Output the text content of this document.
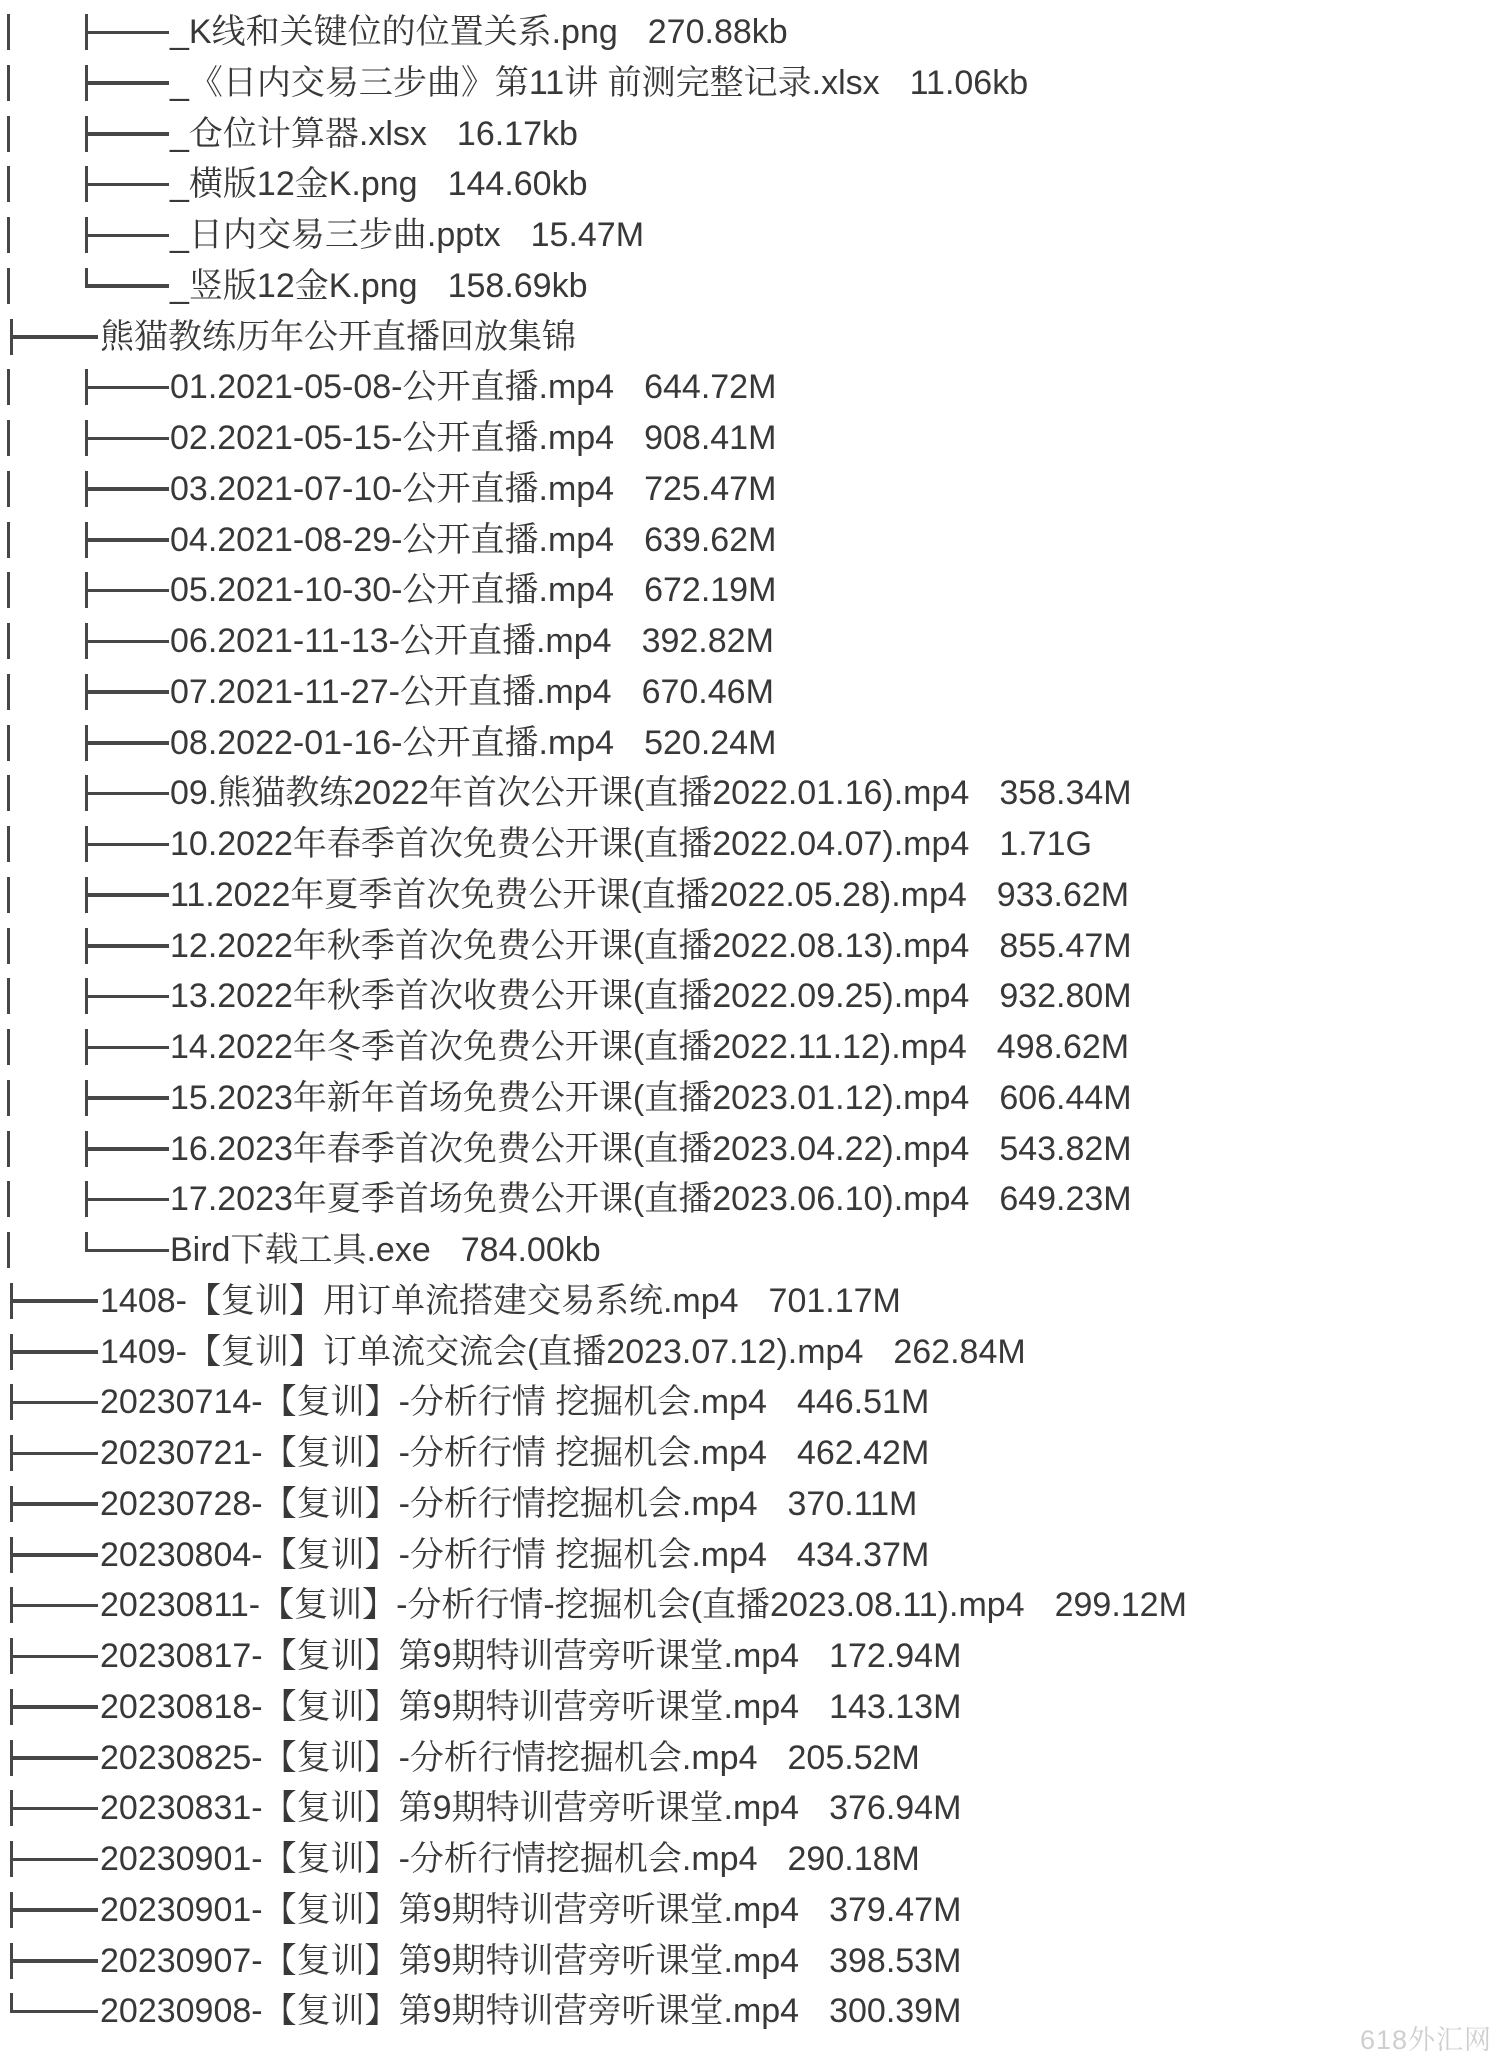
_K线和关键位的位置关系.png 270.88kb
_《日内交易三步曲》第11讲 前测完整记录.xlsx 11.06kb
_仓位计算器.xlsx 16.17kb
_横版12金K.png 144.60kb
_日内交易三步曲.pptx 15.47M
_竖版12金K.png 158.69kb
熊猫教练历年公开直播回放集锦
01.2021-05-08-公开直播.mp4 644.72M
02.2021-05-15-公开直播.mp4 908.41M
03.2021-07-10-公开直播.mp4 725.47M
04.2021-08-29-公开直播.mp4 639.62M
05.2021-10-30-公开直播.mp4 672.19M
06.2021-11-13-公开直播.mp4 392.82M
07.2021-11-27-公开直播.mp4 670.46M
08.2022-01-16-公开直播.mp4 520.24M
09.熊猫教练2022年首次公开课(直播2022.01.16).mp4 358.34M
10.2022年春季首次免费公开课(直播2022.04.07).mp4 1.71G
11.2022年夏季首次免费公开课(直播2022.05.28).mp4 933.62M
12.2022年秋季首次免费公开课(直播2022.08.13).mp4 855.47M
13.2022年秋季首次收费公开课(直播2022.09.25).mp4 932.80M
14.2022年冬季首次免费公开课(直播2022.11.12).mp4 498.62M
15.2023年新年首场免费公开课(直播2023.01.12).mp4 606.44M
16.2023年春季首次免费公开课(直播2023.04.22).mp4 543.82M
17.2023年夏季首场免费公开课(直播2023.06.10).mp4 649.23M
Bird下载工具.exe 784.00kb
1408-【复训】用订单流搭建交易系统.mp4 701.17M
1409-【复训】订单流交流会(直播2023.07.12).mp4 262.84M
20230714-【复训】-分析行情 挖掘机会.mp4 446.51M
20230721-【复训】-分析行情 挖掘机会.mp4 462.42M
20230728-【复训】-分析行情挖掘机会.mp4 370.11M
20230804-【复训】-分析行情 挖掘机会.mp4 434.37M
20230811-【复训】-分析行情-挖掘机会(直播2023.08.11).mp4 299.12M
20230817-【复训】第9期特训营旁听课堂.mp4 172.94M
20230818-【复训】第9期特训营旁听课堂.mp4 143.13M
20230825-【复训】-分析行情挖掘机会.mp4 205.52M
20230831-【复训】第9期特训营旁听课堂.mp4 376.94M
20230901-【复训】-分析行情挖掘机会.mp4 290.18M
20230901-【复训】第9期特训营旁听课堂.mp4 379.47M
20230907-【复训】第9期特训营旁听课堂.mp4 398.53M
20230908-【复训】第9期特训营旁听课堂.mp4 300.39M
618外汇网
